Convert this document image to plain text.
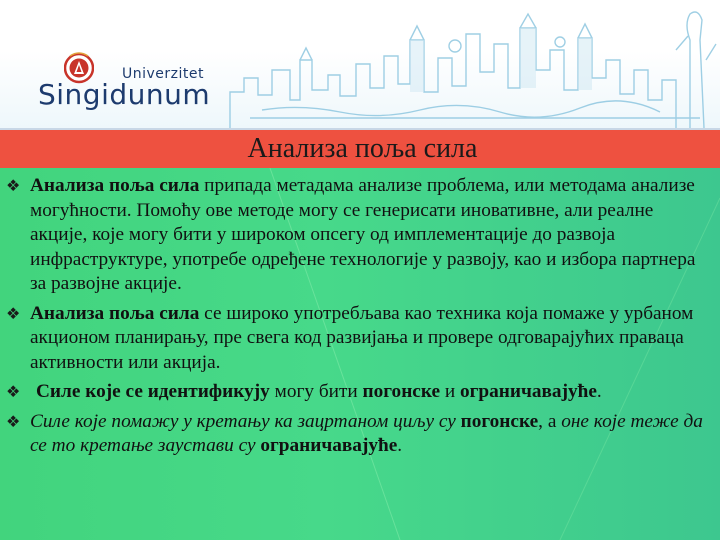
Univerzitet
Singidunum
Анализа поља сила
❖ Анализа поља сила припада метадама анализе проблема, или методама анализе могућности. Помоћу ове методе могу се генерисати иновативне, али реалне акције, које могу бити у широком опсегу од имплементације до развоја инфраструктуре, употребе одређене технологије у развоју, као и избора партнера за развојне акције.
❖ Анализа поља сила се широко употребљава као техника која помаже у урбаном акционом планирању, пре свега код развијања и провере одговарајућих праваца активности или акција.
❖ Силе које се идентификују могу бити погонске и ограничавајуће.
❖ Силе које помажу у кретању ка зацртаном циљу су погонске, а оне које теже да се то кретање заустави су ограничавајуће.
